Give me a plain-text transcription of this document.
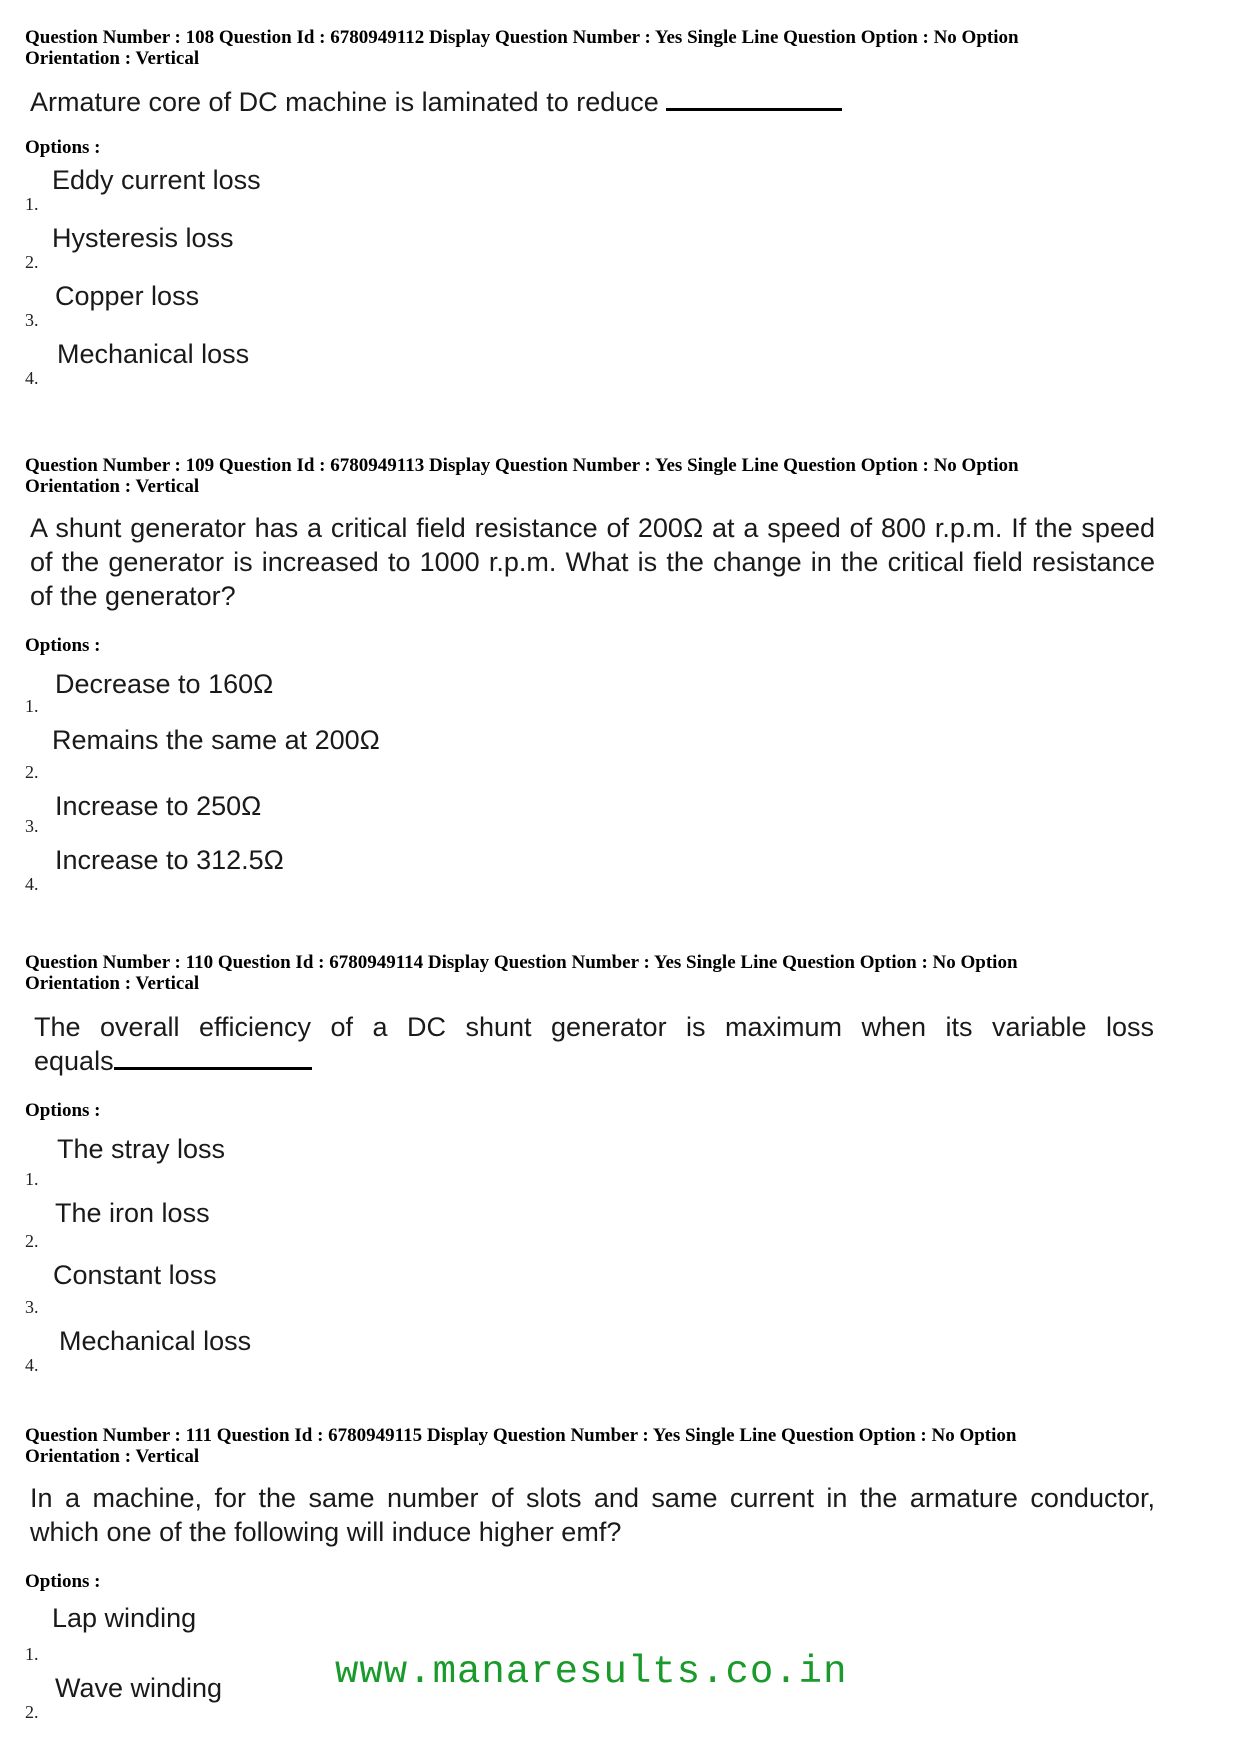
Question Number : 108 Question Id : 6780949112 Display Question Number : Yes Single Line Question Option : No Option

Orientation : Vertical

Armature core of DC machine is laminated to reduce

Options :

1.
Eddy current loss
2.
Hysteresis loss
3.
Copper loss
4.
Mechanical loss

Question Number : 109 Question Id : 6780949113 Display Question Number : Yes Single Line Question Option : No Option

Orientation : Vertical

A shunt generator has a critical field resistance of 200Ω at a speed of 800 r.p.m. If the speed of the generator is increased to 1000 r.p.m. What is the change in the critical field resistance of the generator?

Options :

1.
Decrease to 160Ω
2.
Remains the same at 200Ω
3.
Increase to 250Ω
4.
Increase to 312.5Ω

Question Number : 110 Question Id : 6780949114 Display Question Number : Yes Single Line Question Option : No Option

Orientation : Vertical

The overall efficiency of a DC shunt generator is maximum when its variable loss

equals

Options :

1.
The stray loss
2.
The iron loss
3.
Constant loss
4.
Mechanical loss

Question Number : 111 Question Id : 6780949115 Display Question Number : Yes Single Line Question Option : No Option

Orientation : Vertical

In a machine, for the same number of slots and same current in the armature conductor, which one of the following will induce higher emf?

Options :

1.
Lap winding
2.
Wave winding	www.manaresults.co.in
